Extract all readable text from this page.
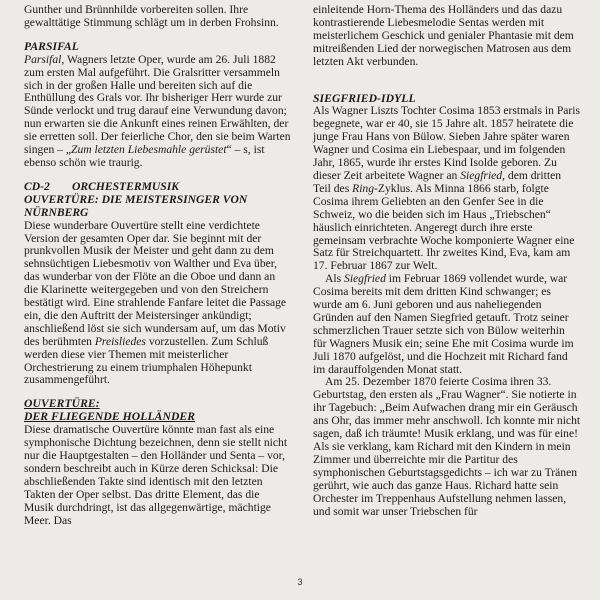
Gunther und Brünnhilde vorbereiten sollen. Ihre gewalttätige Stimmung schlägt um in derben Frohsinn.

PARSIFAL

Parsifal, Wagners letzte Oper, wurde am 26. Juli 1882 zum ersten Mal aufgeführt. Die Gralsritter versammeln sich in der großen Halle und bereiten sich auf die Enthüllung des Grals vor. Ihr bisheriger Herr wurde zur Sünde verlockt und trug darauf eine Verwundung davon; nun erwarten sie die Ankunft eines reinen Erwählten, der sie erretten soll. Der feierliche Chor, den sie beim Warten singen – „Zum letzten Liebesmahle gerüstet“ – s, ist ebenso schön wie traurig.

CD-2 ORCHESTERMUSIK

OUVERTÜRE: DIE MEISTERSINGER VON

NÜRNBERG

Diese wunderbare Ouvertüre stellt eine verdichtete Version der gesamten Oper dar. Sie beginnt mit der prunkvollen Musik der Meister und geht dann zu dem sehnsüchtigen Liebesmotiv von Walther und Eva über, das wunderbar von der Flöte an die Oboe und dann an die Klarinette weitergegeben und von den Streichern bestätigt wird. Eine strahlende Fanfare leitet die Passage ein, die den Auftritt der Meistersinger ankündigt; anschließend löst sie sich wundersam auf, um das Motiv des berühmten Preisliedes vorzustellen. Zum Schluß werden diese vier Themen mit meisterlicher Orchestrierung zu einem triumphalen Höhepunkt zusammengeführt.

OUVERTÜRE:

DER FLIEGENDE HOLLÄNDER

Diese dramatische Ouvertüre könnte man fast als eine symphonische Dichtung bezeichnen, denn sie stellt nicht nur die Hauptgestalten – den Holländer und Senta – vor, sondern beschreibt auch in Kürze deren Schicksal: Die abschließenden Takte sind identisch mit den letzten Takten der Oper selbst. Das dritte Element, das die Musik durchdringt, ist das allgegenwärtige, mächtige Meer. Das

einleitende Horn-Thema des Holländers und das dazu kontrastierende Liebesmelodie Sentas werden mit meisterlichem Geschick und genialer Phantasie mit dem mitreißenden Lied der norwegischen Matrosen aus dem letzten Akt verbunden.

SIEGFRIED-IDYLL

Als Wagner Liszts Tochter Cosima 1853 erstmals in Paris begegnete, war er 40, sie 15 Jahre alt. 1857 heiratete die junge Frau Hans von Bülow. Sieben Jahre später waren Wagner und Cosima ein Liebespaar, und im folgenden Jahr, 1865, wurde ihr erstes Kind Isolde geboren. Zu dieser Zeit arbeitete Wagner an Siegfried, dem dritten Teil des Ring-Zyklus. Als Minna 1866 starb, folgte Cosima ihrem Geliebten an den Genfer See in die Schweiz, wo die beiden sich im Haus „Triebschen“ häuslich einrichteten. Angeregt durch ihre erste gemeinsam verbrachte Woche komponierte Wagner eine Satz für Streichquartett. Ihr zweites Kind, Eva, kam am 17. Februar 1867 zur Welt.

Als Siegfried im Februar 1869 vollendet wurde, war Cosima bereits mit dem dritten Kind schwanger; es wurde am 6. Juni geboren und aus naheliegenden Gründen auf den Namen Siegfried getauft. Trotz seiner schmerzlichen Trauer setzte sich von Bülow weiterhin für Wagners Musik ein; seine Ehe mit Cosima wurde im Juli 1870 aufgelöst, und die Hochzeit mit Richard fand im darauffolgenden Monat statt.

Am 25. Dezember 1870 feierte Cosima ihren 33. Geburtstag, den ersten als „Frau Wagner“. Sie notierte in ihr Tagebuch: „Beim Aufwachen drang mir ein Geräusch ans Ohr, das immer mehr anschwoll. Ich konnte mir nicht sagen, daß ich träumte! Musik erklang, und was für eine! Als sie verklang, kam Richard mit den Kindern in mein Zimmer und überreichte mir die Partitur des symphonischen Geburtstagsgedichts – ich war zu Tränen gerührt, wie auch das ganze Haus. Richard hatte sein Orchester im Treppenhaus Aufstellung nehmen lassen, und somit war unser Triebschen für

3
